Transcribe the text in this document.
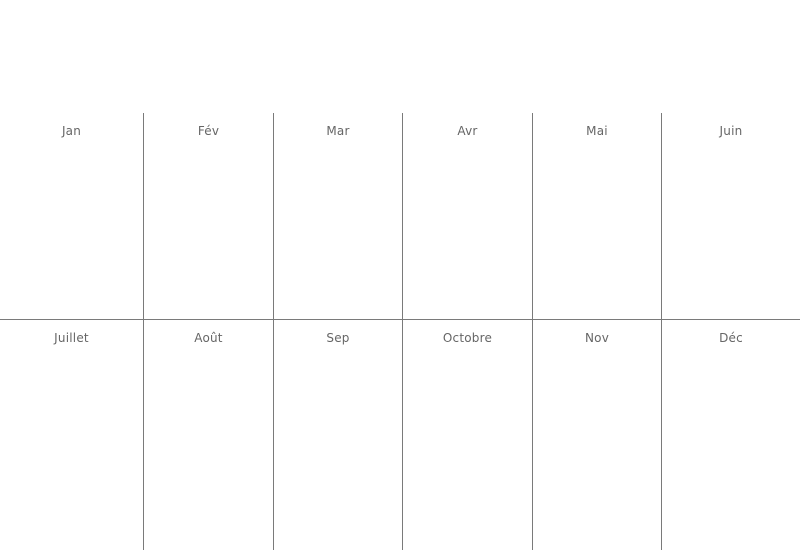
Jan	Fév	Mar	Avr	Mai	Juin
Juillet	Août	Sep	Octobre	Nov	Déc
